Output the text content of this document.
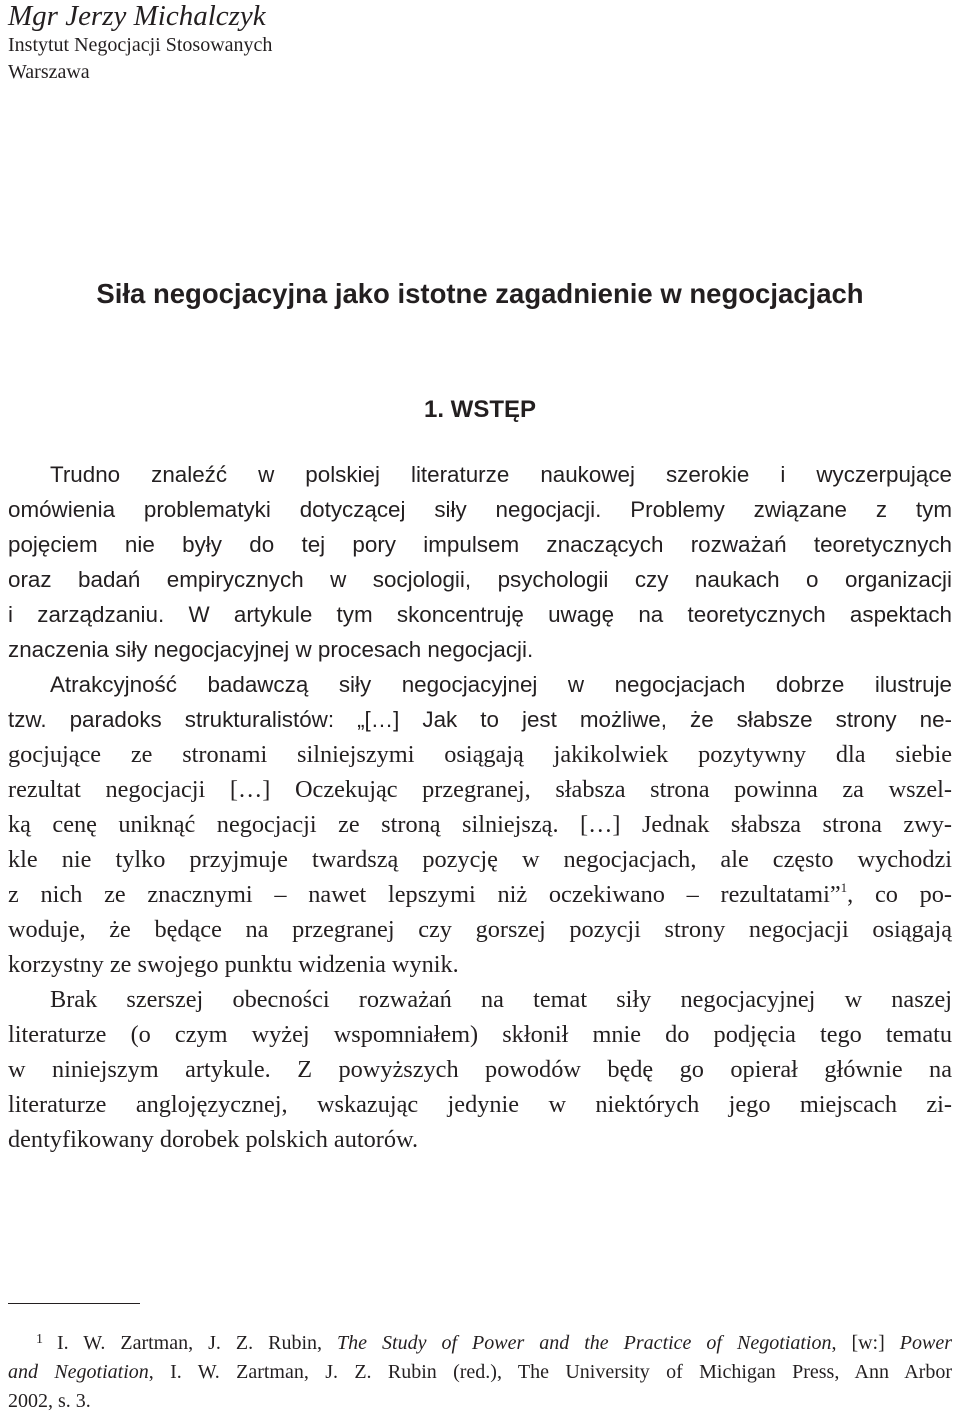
Mgr Jerzy Michalczyk

Instytut Negocjacji Stosowanych

Warszawa

Siła negocjacyjna jako istotne zagadnienie w negocjacjach
1. WSTĘP
Trudno znaleźć w polskiej literaturze naukowej szerokie i wyczerpujące
omówienia problematyki dotyczącej siły negocjacji. Problemy związane z tym
pojęciem nie były do tej pory impulsem znaczących rozważań teoretycznych
oraz badań empirycznych w socjologii, psychologii czy naukach o organizacji
i zarządzaniu. W artykule tym skoncentruję uwagę na teoretycznych aspektach
znaczenia siły negocjacyjnej w procesach negocjacji.
Atrakcyjność badawczą siły negocjacyjnej w negocjacjach dobrze ilustruje
tzw. paradoks strukturalistów: „[…] Jak to jest możliwe, że słabsze strony ne-
gocjujące ze stronami silniejszymi osiągają jakikolwiek pozytywny dla siebie
rezultat negocjacji […] Oczekując przegranej, słabsza strona powinna za wszel-
ką cenę uniknąć negocjacji ze stroną silniejszą. […] Jednak słabsza strona zwy-
kle nie tylko przyjmuje twardszą pozycję w negocjacjach, ale często wychodzi
z nich ze znacznymi – nawet lepszymi niż oczekiwano – rezultatami”$^1$, co po-
woduje, że będące na przegranej czy gorszej pozycji strony negocjacji osiągają
korzystny ze swojego punktu widzenia wynik.
Brak szerszej obecności rozważań na temat siły negocjacyjnej w naszej
literaturze (o czym wyżej wspomniałem) skłonił mnie do podjęcia tego tematu
w niniejszym artykule. Z powyższych powodów będę go opierał głównie na
literaturze anglojęzycznej, wskazując jedynie w niektórych jego miejscach zi-
dentyfikowany dorobek polskich autorów.
$^1$ I. W. Zartman, J. Z. Rubin, The Study of Power and the Practice of Negotiation, [w:] Power
and Negotiation, I. W. Zartman, J. Z. Rubin (red.), The University of Michigan Press, Ann Arbor
2002, s. 3.
